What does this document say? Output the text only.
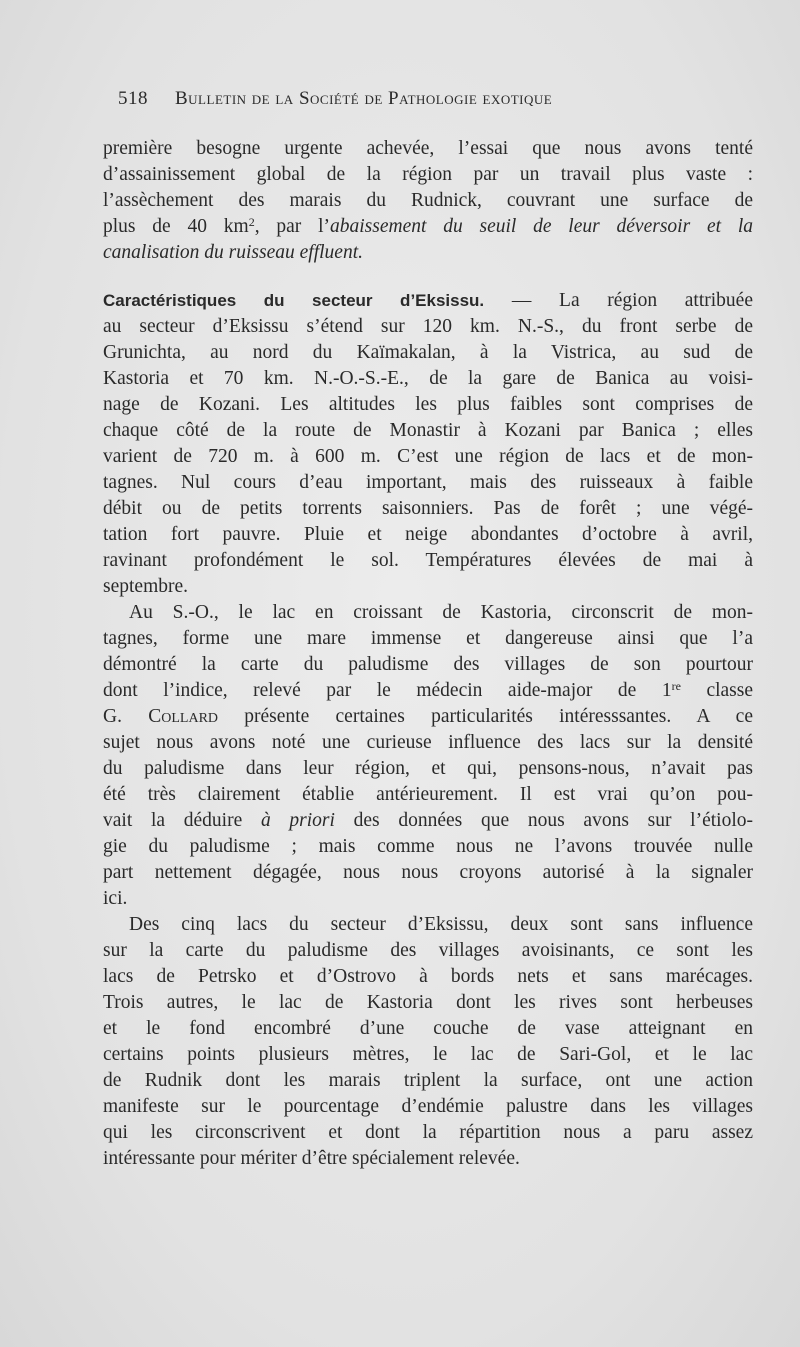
518 Bulletin de la Société de Pathologie exotique
première besogne urgente achevée, l’essai que nous avons tenté
d’assainissement global de la région par un travail plus vaste :
l’assèchement des marais du Rudnick, couvrant une surface de
plus de 40 $km^2$, par l’abaissement du seuil de leur déversoir et la
canalisation du ruisseau effluent.
Caractéristiques du secteur d’Eksissu. — La région attribuée
au secteur d’Eksissu s’étend sur 120 km. N.-S., du front serbe de
Grunichta, au nord du Kaïmakalan, à la Vistrica, au sud de
Kastoria et 70 km. N.-O.-S.-E., de la gare de Banica au voisi-
nage de Kozani. Les altitudes les plus faibles sont comprises de
chaque côté de la route de Monastir à Kozani par Banica ; elles
varient de 720 m. à 600 m. C’est une région de lacs et de mon-
tagnes. Nul cours d’eau important, mais des ruisseaux à faible
débit ou de petits torrents saisonniers. Pas de forêt ; une végé-
tation fort pauvre. Pluie et neige abondantes d’octobre à avril,
ravinant profondément le sol. Températures élevées de mai à
septembre.
Au S.-O., le lac en croissant de Kastoria, circonscrit de mon-
tagnes, forme une mare immense et dangereuse ainsi que l’a
démontré la carte du paludisme des villages de son pourtour
dont l’indice, relevé par le médecin aide-major de 1re classe
G. Collard présente certaines particularités intéresssantes. A ce
sujet nous avons noté une curieuse influence des lacs sur la densité
du paludisme dans leur région, et qui, pensons-nous, n’avait pas
été très clairement établie antérieurement. Il est vrai qu’on pou-
vait la déduire à priori des données que nous avons sur l’étiolo-
gie du paludisme ; mais comme nous ne l’avons trouvée nulle
part nettement dégagée, nous nous croyons autorisé à la signaler
ici.
Des cinq lacs du secteur d’Eksissu, deux sont sans influence
sur la carte du paludisme des villages avoisinants, ce sont les
lacs de Petrsko et d’Ostrovo à bords nets et sans marécages.
Trois autres, le lac de Kastoria dont les rives sont herbeuses
et le fond encombré d’une couche de vase atteignant en
certains points plusieurs mètres, le lac de Sari-Gol, et le lac
de Rudnik dont les marais triplent la surface, ont une action
manifeste sur le pourcentage d’endémie palustre dans les villages
qui les circonscrivent et dont la répartition nous a paru assez
intéressante pour mériter d’être spécialement relevée.
